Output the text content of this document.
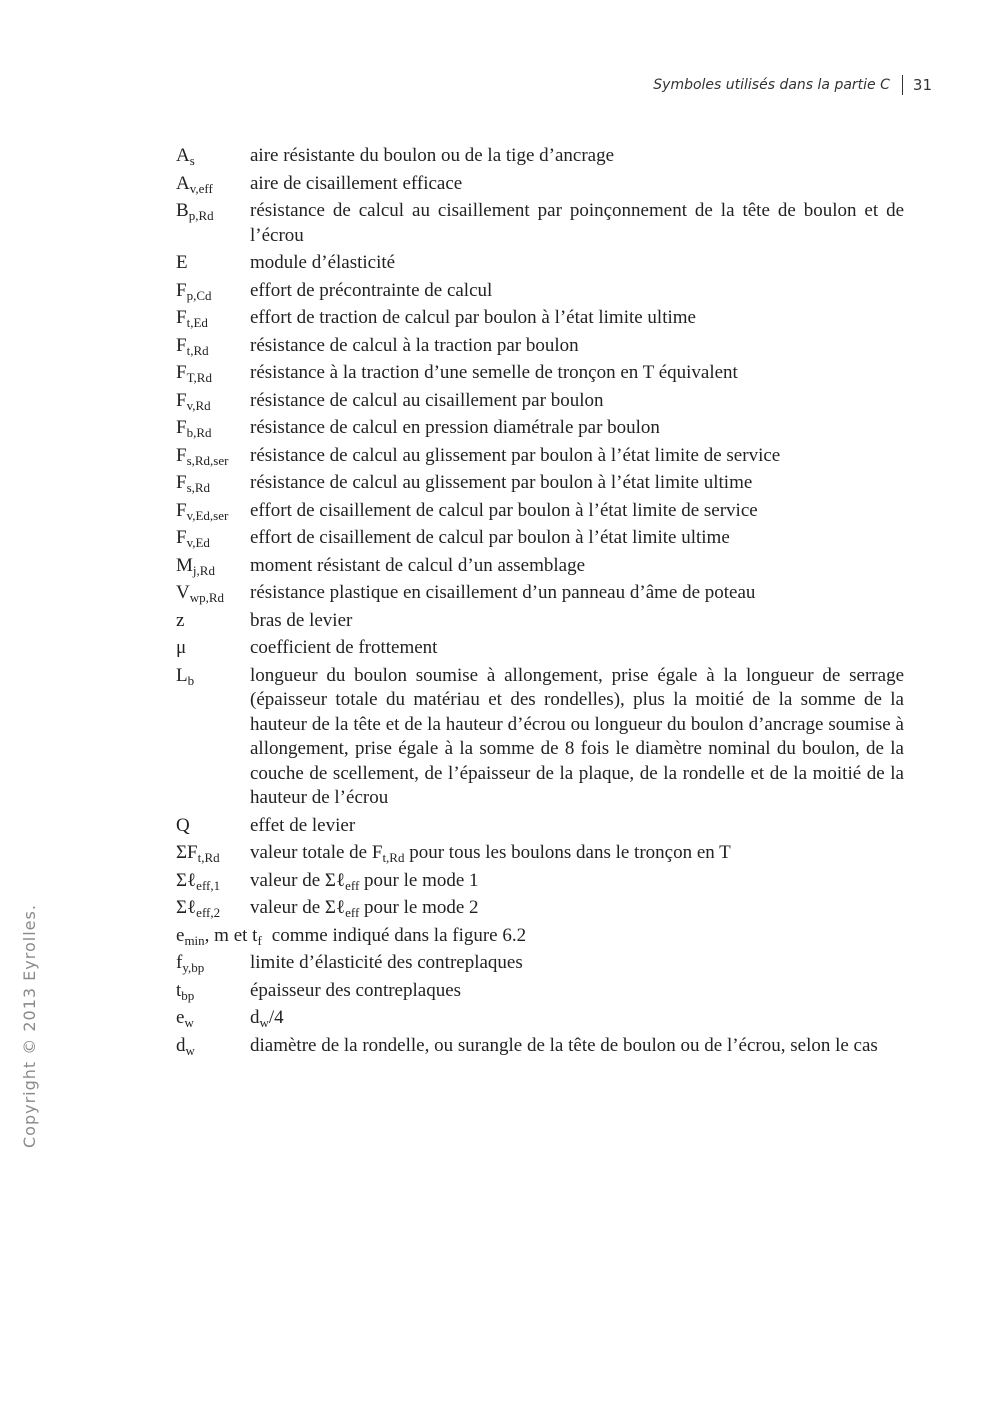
Symboles utilisés dans la partie C 31
Copyright © 2013 Eyrolles.
$A_s$	aire résistante du boulon ou de la tige d’ancrage
$A_{v,eff}$	aire de cisaillement efficace
$B_{p,Rd}$	résistance de calcul au cisaillement par poinçonnement de la tête de boulon et de l’écrou
E	module d’élasticité
$F_{p,Cd}$	effort de précontrainte de calcul
$F_{t,Ed}$	effort de traction de calcul par boulon à l’état limite ultime
$F_{t,Rd}$	résistance de calcul à la traction par boulon
$F_{T,Rd}$	résistance à la traction d’une semelle de tronçon en T équivalent
$F_{v,Rd}$	résistance de calcul au cisaillement par boulon
$F_{b,Rd}$	résistance de calcul en pression diamétrale par boulon
$F_{s,Rd,ser}$	résistance de calcul au glissement par boulon à l’état limite de service
$F_{s,Rd}$	résistance de calcul au glissement par boulon à l’état limite ultime
$F_{v,Ed,ser}$	effort de cisaillement de calcul par boulon à l’état limite de service
$F_{v,Ed}$	effort de cisaillement de calcul par boulon à l’état limite ultime
$M_{j,Rd}$	moment résistant de calcul d’un assemblage
$V_{wp,Rd}$	résistance plastique en cisaillement d’un panneau d’âme de poteau
z	bras de levier
μ	coefficient de frottement
$L_b$	longueur du boulon soumise à allongement, prise égale à la longueur de serrage (épaisseur totale du matériau et des rondelles), plus la moitié de la somme de la hauteur de la tête et de la hauteur d’écrou ou longueur du boulon d’ancrage soumise à allongement, prise égale à la somme de 8 fois le diamètre nominal du boulon, de la couche de scellement, de l’épaisseur de la plaque, de la rondelle et de la moitié de la hauteur de l’écrou
Q	effet de levier
$\Sigma F_{t,Rd}$	valeur totale de $F_{t,Rd}$ pour tous les boulons dans le tronçon en T
Σℓ$_{eff,1}$	valeur de Σℓ$_{eff}$ pour le mode 1
Σℓ$_{eff,2}$	valeur de Σℓ$_{eff}$ pour le mode 2
$e_{min}$, m et $t_f$ comme indiqué dans la figure 6.2
$f_{y,bp}$	limite d’élasticité des contreplaques
$t_{bp}$	épaisseur des contreplaques
$e_w$	$d_w/4$
$d_w$	diamètre de la rondelle, ou surangle de la tête de boulon ou de l’écrou, selon le cas
